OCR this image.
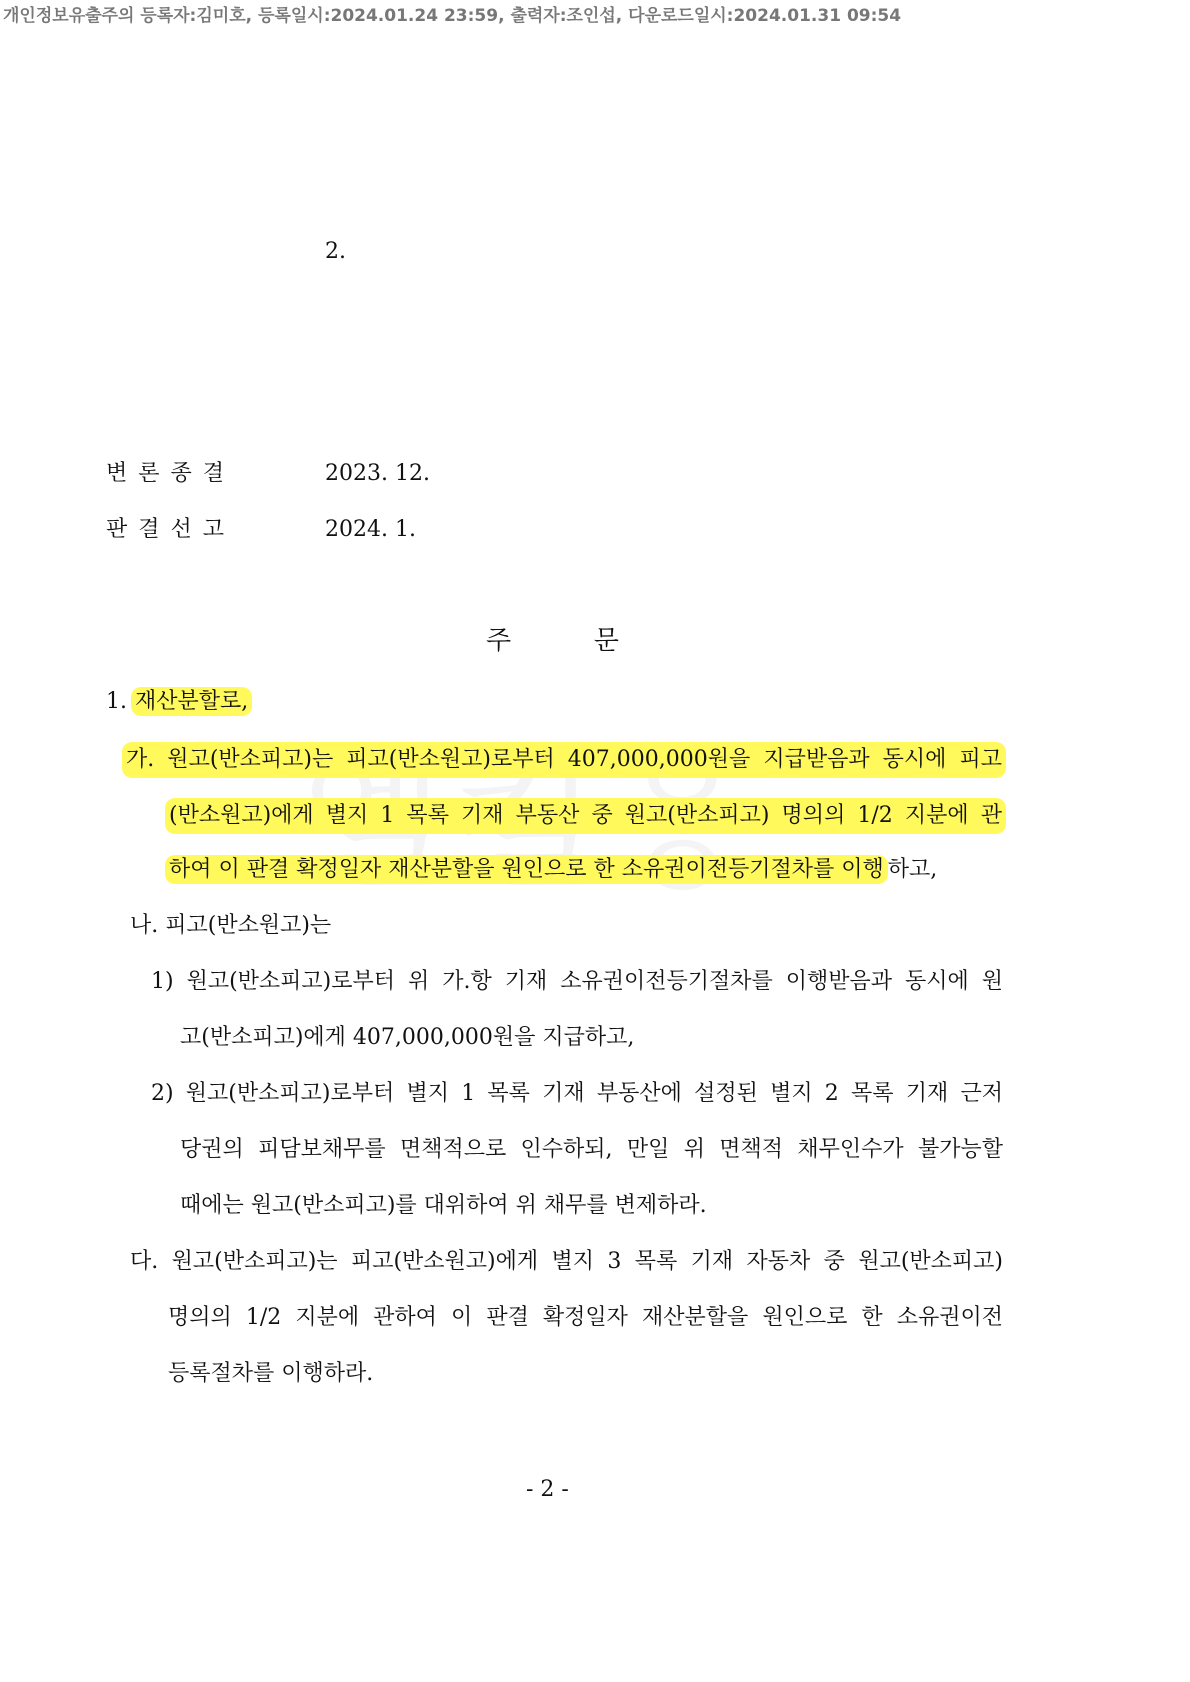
개인정보유출주의 등록자:김미호, 등록일시:2024.01.24 23:59, 출력자:조인섭, 다운로드일시:2024.01.31 09:54
2.
변 론 종 결	2023. 12.
판 결 선 고	2024. 1.
주          문
1. 재산분할로,
가. 원고(반소피고)는 피고(반소원고)로부터 407,000,000원을 지급받음과 동시에 피고
(반소원고)에게 별지 1 목록 기재 부동산 중 원고(반소피고) 명의의 1/2 지분에 관
하여 이 판결 확정일자 재산분할을 원인으로 한 소유권이전등기절차를 이행 하고,
나. 피고(반소원고)는
1) 원고(반소피고)로부터 위 가.항 기재 소유권이전등기절차를 이행받음과 동시에 원
고(반소피고)에게 407,000,000원을 지급하고,
2) 원고(반소피고)로부터 별지 1 목록 기재 부동산에 설정된 별지 2 목록 기재 근저
당권의 피담보채무를 면책적으로 인수하되, 만일 위 면책적 채무인수가 불가능할
때에는 원고(반소피고)를 대위하여 위 채무를 변제하라.
다. 원고(반소피고)는 피고(반소원고)에게 별지 3 목록 기재 자동차 중 원고(반소피고)
명의의 1/2 지분에 관하여 이 판결 확정일자 재산분할을 원인으로 한 소유권이전
등록절차를 이행하라.
- 2 -
